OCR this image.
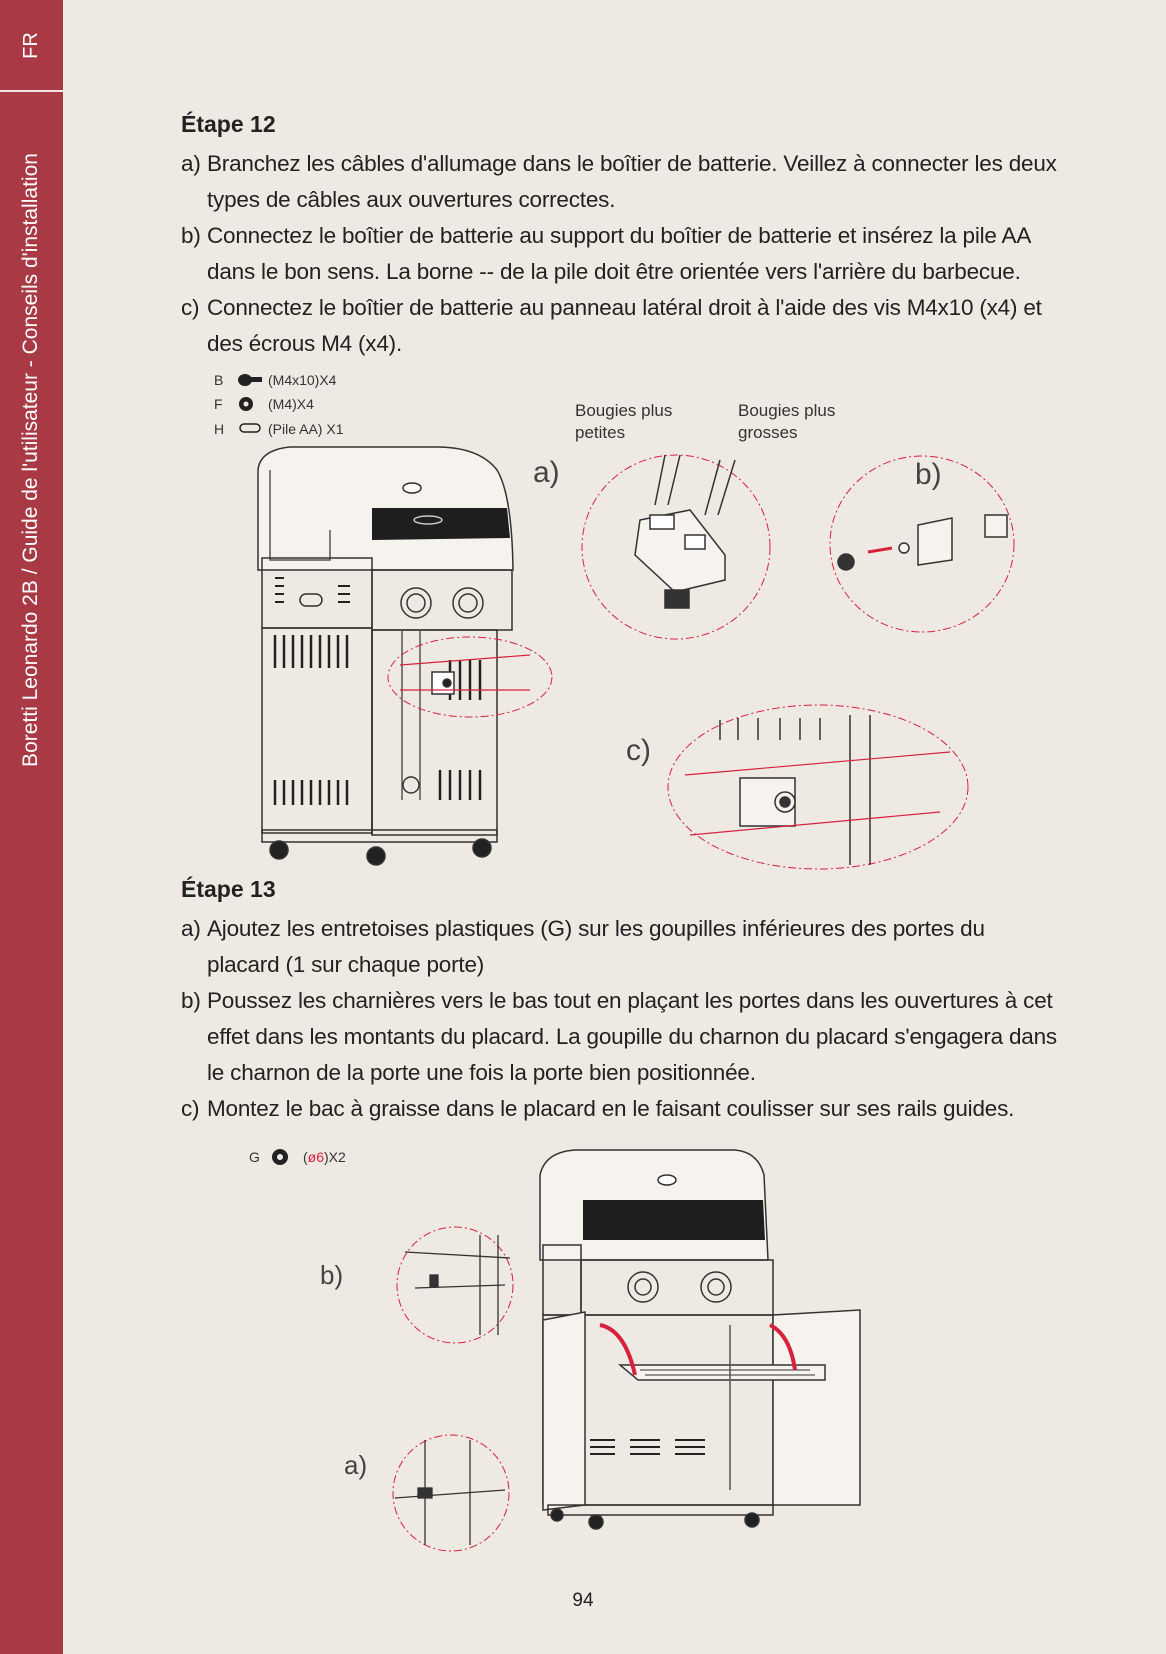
FR
Boretti Leonardo 2B / Guide de l'utilisateur - Conseils d'installation
Étape 12
a) Branchez les câbles d'allumage dans le boîtier de batterie. Veillez à connecter les deux types de câbles aux ouvertures correctes.
b) Connectez le boîtier de batterie au support du boîtier de batterie et insérez la pile AA dans le bon sens. La borne -- de la pile doit être orientée vers l'arrière du barbecue.
c) Connectez le boîtier de batterie au panneau latéral droit à l'aide des vis M4x10 (x4) et des écrous M4 (x4).
B	(M4x10)X4
F	(M4)X4
H	(Pile AA) X1
a)
Bougies plus
petites
Bougies plus
grosses
b)
c)
Étape 13
a) Ajoutez les entretoises plastiques (G) sur les goupilles inférieures des portes du placard (1 sur chaque porte)
b) Poussez les charnières vers le bas tout en plaçant les portes dans les ouvertures à cet effet dans les montants du placard. La goupille du charnon du placard s'engagera dans le charnon de la porte une fois la porte bien positionnée.
c) Montez le bac à graisse dans le placard en le faisant coulisser sur ses rails guides.
G	(ø6)X2
b)
a)
94
